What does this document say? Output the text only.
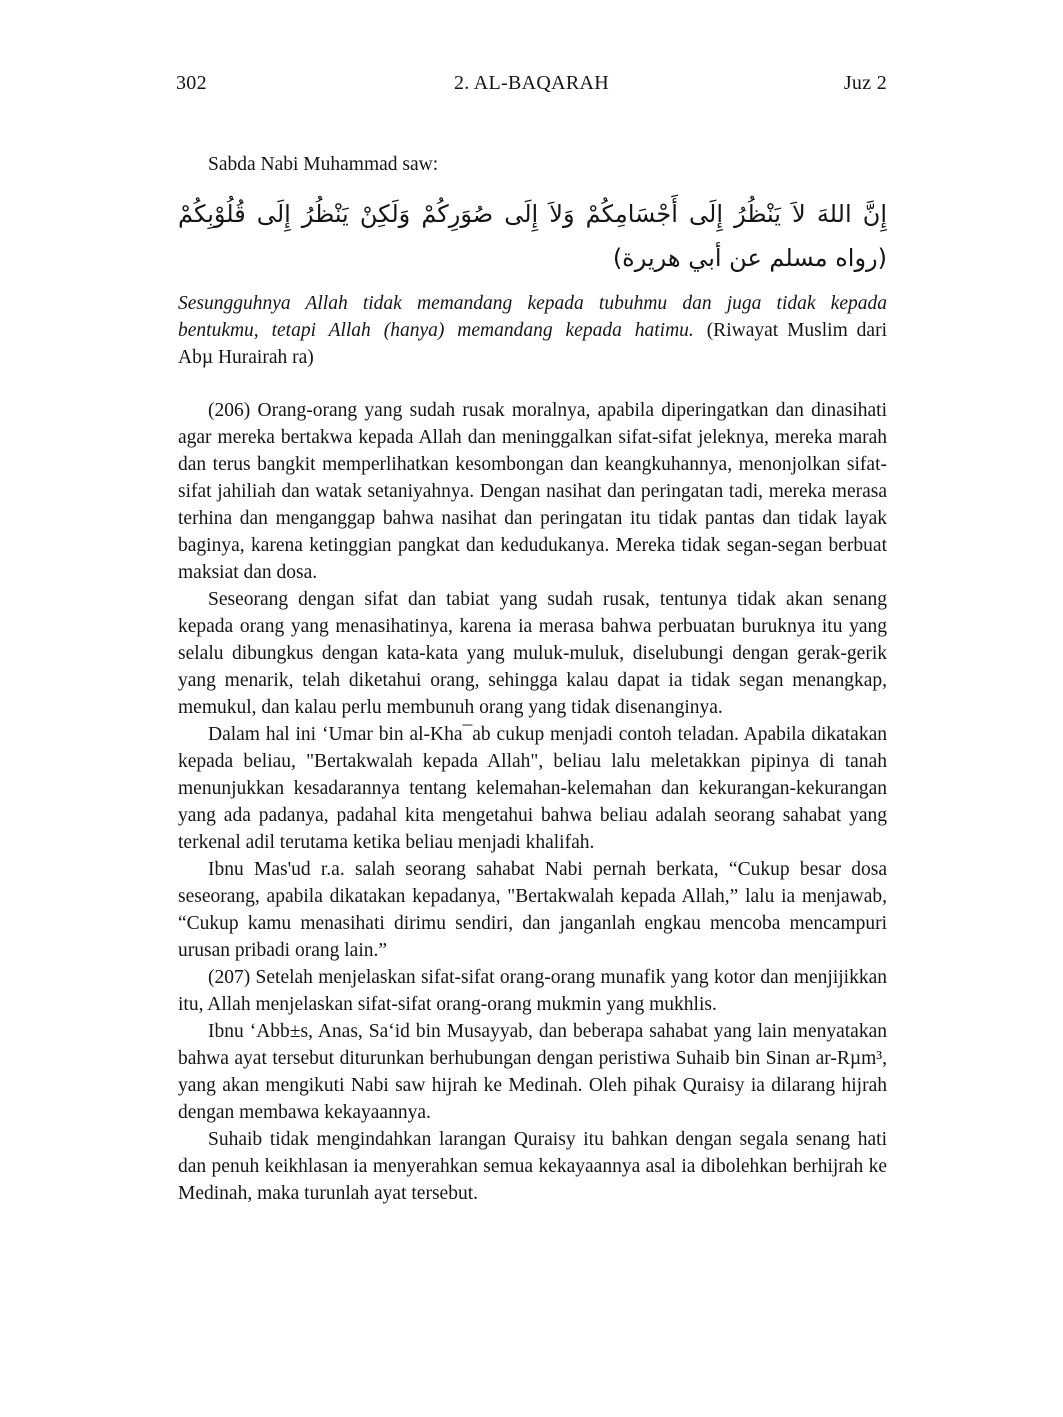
302	2. AL-BAQARAH	Juz 2

Sabda Nabi Muhammad saw:

إِنَّ اللهَ لاَ يَنْظُرُ إِلَى أَجْسَامِكُمْ وَلاَ إِلَى صُوَرِكُمْ وَلَكِنْ يَنْظُرُ إِلَى قُلُوْبِكُمْ (رواه مسلم عن أبي هريرة)

Sesungguhnya Allah tidak memandang kepada tubuhmu dan juga tidak kepada bentukmu, tetapi Allah (hanya) memandang kepada hatimu. (Riwayat Muslim dari Abµ Hurairah ra)

(206) Orang-orang yang sudah rusak moralnya, apabila diperingatkan dan dinasihati agar mereka bertakwa kepada Allah dan meninggalkan sifat-sifat jeleknya, mereka marah dan terus bangkit memperlihatkan kesombongan dan keangkuhannya, menonjolkan sifat-sifat jahiliah dan watak setaniyahnya. Dengan nasihat dan peringatan tadi, mereka merasa terhina dan menganggap bahwa nasihat dan peringatan itu tidak pantas dan tidak layak baginya, karena ketinggian pangkat dan kedudukanya. Mereka tidak segan-segan berbuat maksiat dan dosa.

Seseorang dengan sifat dan tabiat yang sudah rusak, tentunya tidak akan senang kepada orang yang menasihatinya, karena ia merasa bahwa perbuatan buruknya itu yang selalu dibungkus dengan kata-kata yang muluk-muluk, diselubungi dengan gerak-gerik yang menarik, telah diketahui orang, sehingga kalau dapat ia tidak segan menangkap, memukul, dan kalau perlu membunuh orang yang tidak disenanginya.

Dalam hal ini ‘Umar bin al-Kha¯ab cukup menjadi contoh teladan. Apabila dikatakan kepada beliau, "Bertakwalah kepada Allah", beliau lalu meletakkan pipinya di tanah menunjukkan kesadarannya tentang kelemahan-kelemahan dan kekurangan-kekurangan yang ada padanya, padahal kita mengetahui bahwa beliau adalah seorang sahabat yang terkenal adil terutama ketika beliau menjadi khalifah.

Ibnu Mas'ud r.a. salah seorang sahabat Nabi pernah berkata, “Cukup besar dosa seseorang, apabila dikatakan kepadanya, "Bertakwalah kepada Allah,” lalu ia menjawab, “Cukup kamu menasihati dirimu sendiri, dan janganlah engkau mencoba mencampuri urusan pribadi orang lain.”

(207) Setelah menjelaskan sifat-sifat orang-orang munafik yang kotor dan menjijikkan itu, Allah menjelaskan sifat-sifat orang-orang mukmin yang mukhlis.

Ibnu ‘Abb±s, Anas, Sa‘id bin Musayyab, dan beberapa sahabat yang lain menyatakan bahwa ayat tersebut diturunkan berhubungan dengan peristiwa Suhaib bin Sinan ar-Rµm³, yang akan mengikuti Nabi saw hijrah ke Medinah. Oleh pihak Quraisy ia dilarang hijrah dengan membawa kekayaannya.

Suhaib tidak mengindahkan larangan Quraisy itu bahkan dengan segala senang hati dan penuh keikhlasan ia menyerahkan semua kekayaannya asal ia dibolehkan berhijrah ke Medinah, maka turunlah ayat tersebut.
